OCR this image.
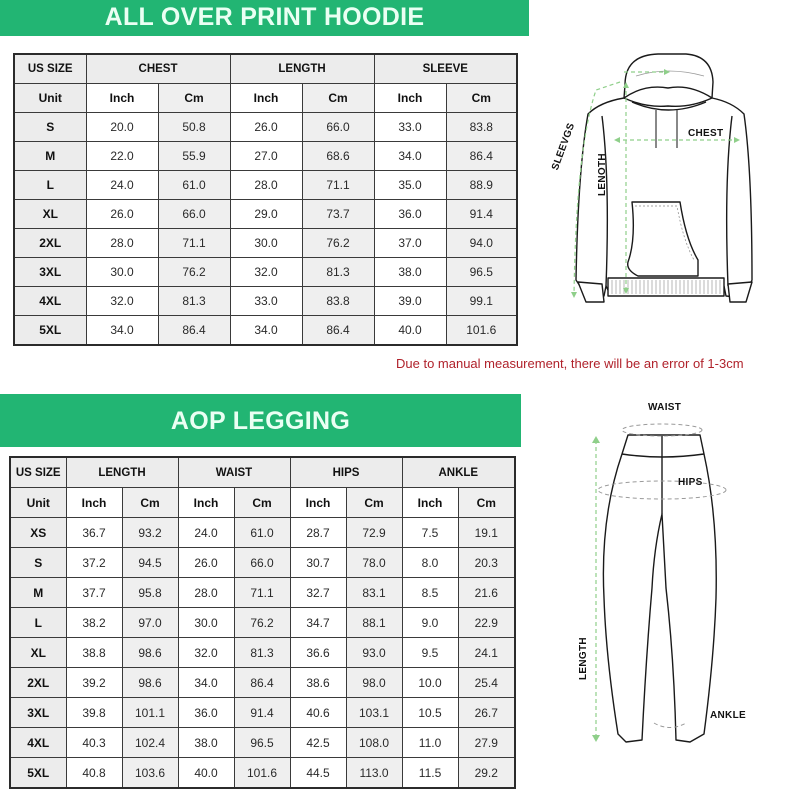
ALL OVER PRINT HOODIE
US SIZE	CHEST		LENGTH		SLEEVE	
Unit	Inch	Cm	Inch	Cm	Inch	Cm
S	20.0	50.8	26.0	66.0	33.0	83.8
M	22.0	55.9	27.0	68.6	34.0	86.4
L	24.0	61.0	28.0	71.1	35.0	88.9
XL	26.0	66.0	29.0	73.7	36.0	91.4
2XL	28.0	71.1	30.0	76.2	37.0	94.0
3XL	30.0	76.2	32.0	81.3	38.0	96.5
4XL	32.0	81.3	33.0	83.8	39.0	99.1
5XL	34.0	86.4	34.0	86.4	40.0	101.6
CHEST
LENOTH
SLEEVGS
Due to manual measurement, there will be an error of 1-3cm
AOP LEGGING
US SIZE	LENGTH		WAIST		HIPS		ANKLE	
Unit	Inch	Cm	Inch	Cm	Inch	Cm	Inch	Cm
XS	36.7	93.2	24.0	61.0	28.7	72.9	7.5	19.1
S	37.2	94.5	26.0	66.0	30.7	78.0	8.0	20.3
M	37.7	95.8	28.0	71.1	32.7	83.1	8.5	21.6
L	38.2	97.0	30.0	76.2	34.7	88.1	9.0	22.9
XL	38.8	98.6	32.0	81.3	36.6	93.0	9.5	24.1
2XL	39.2	98.6	34.0	86.4	38.6	98.0	10.0	25.4
3XL	39.8	101.1	36.0	91.4	40.6	103.1	10.5	26.7
4XL	40.3	102.4	38.0	96.5	42.5	108.0	11.0	27.9
5XL	40.8	103.6	40.0	101.6	44.5	113.0	11.5	29.2
WAIST
HIPS
LENGTH
ANKLE
